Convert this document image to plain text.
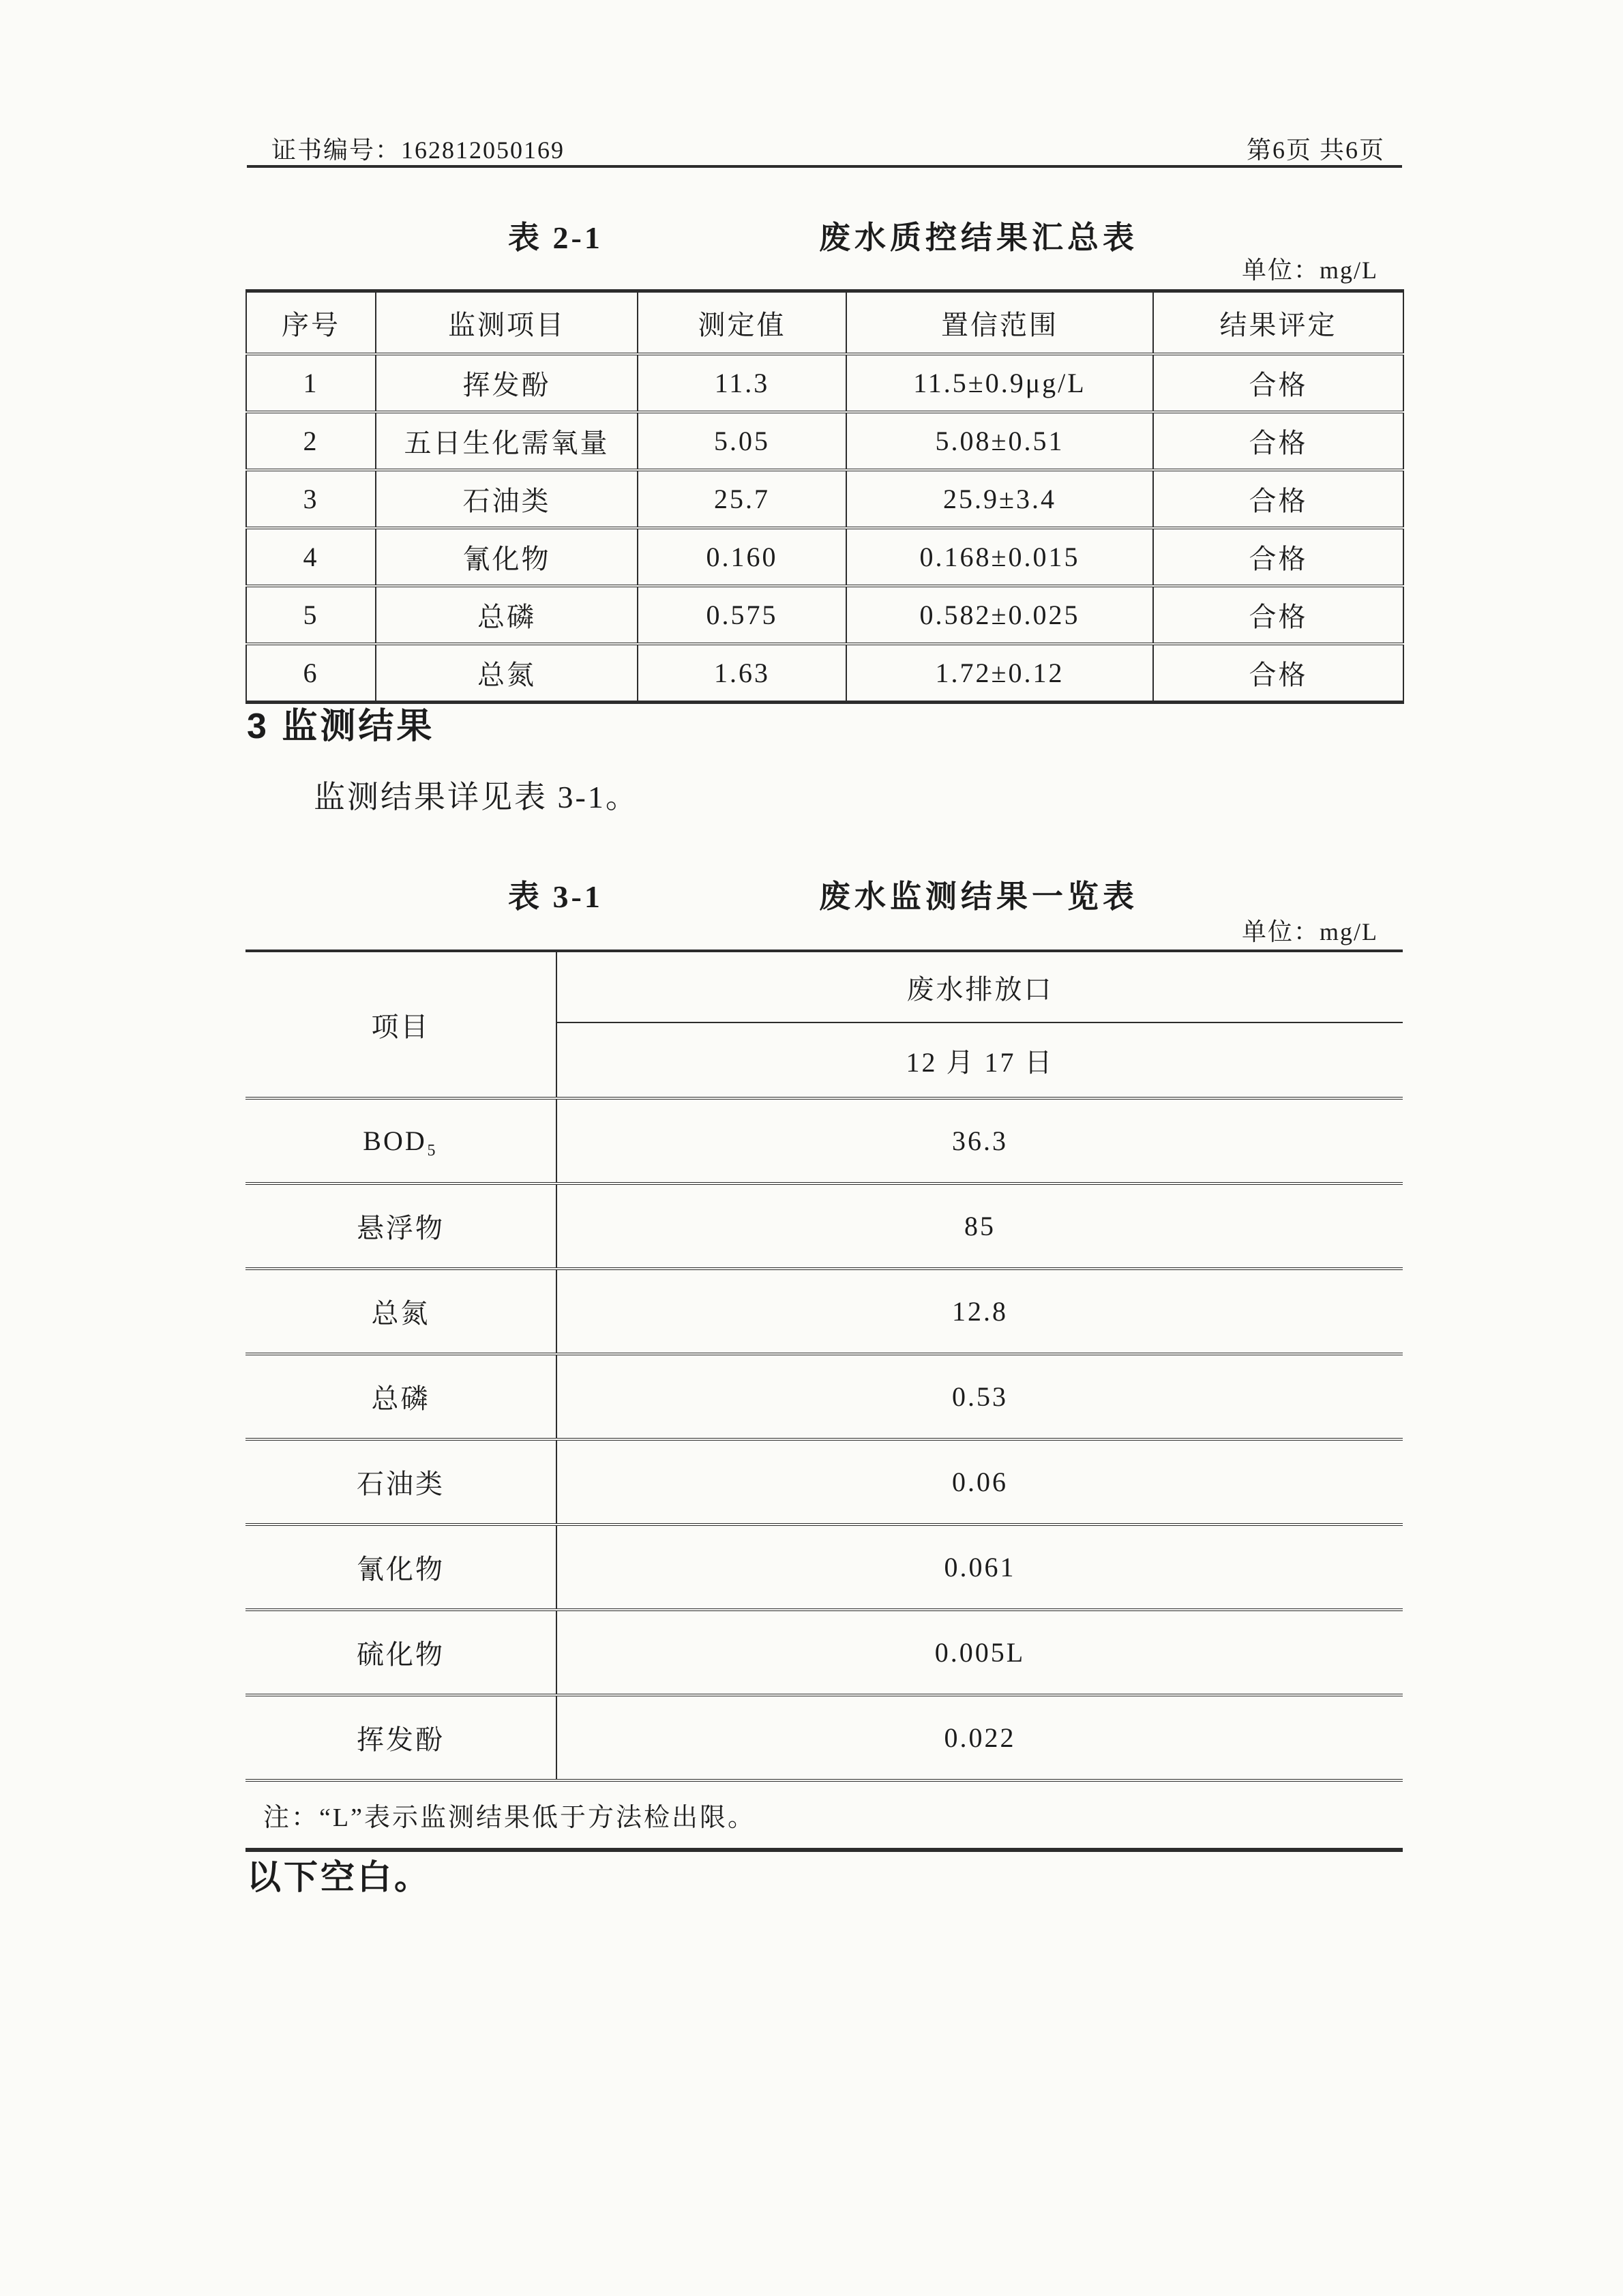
证书编号：162812050169	第6页 共6页
表 2-1	废水质控结果汇总表
单位：mg/L
序号	监测项目	测定值	置信范围	结果评定
1	挥发酚	11.3	11.5±0.9μg/L	合格
2	五日生化需氧量	5.05	5.08±0.51	合格
3	石油类	25.7	25.9±3.4	合格
4	氰化物	0.160	0.168±0.015	合格
5	总磷	0.575	0.582±0.025	合格
6	总氮	1.63	1.72±0.12	合格
3 监测结果
监测结果详见表 3-1。
表 3-1	废水监测结果一览表
单位：mg/L
项目	废水排放口
	12 月 17 日
BOD₅	36.3
悬浮物	85
总氮	12.8
总磷	0.53
石油类	0.06
氰化物	0.061
硫化物	0.005L
挥发酚	0.022
注：“L”表示监测结果低于方法检出限。	
以下空白。
